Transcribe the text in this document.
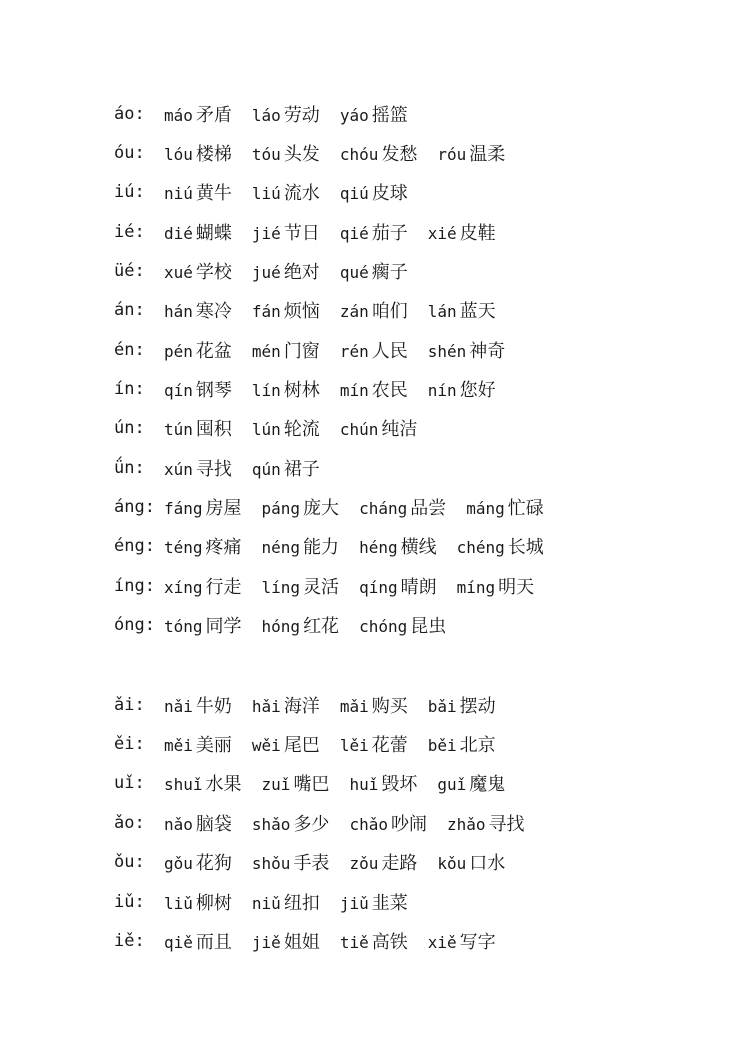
áo:	máo 矛盾 láo 劳动 yáo 摇篮
óu:	lóu 楼梯 tóu 头发 chóu 发愁 róu 温柔
iú:	niú 黄牛 liú 流水 qiú 皮球
ié:	dié 蝴蝶 jié 节日 qié 茄子 xié 皮鞋
üé:	xué 学校 jué 绝对 qué 瘸子
án:	hán 寒冷 fán 烦恼 zán 咱们 lán 蓝天
én:	pén 花盆 mén 门窗 rén 人民 shén 神奇
ín:	qín 钢琴 lín 树林 mín 农民 nín 您好
ún:	tún 囤积 lún 轮流 chún 纯洁
ǘn:	xún 寻找 qún 裙子
áng: fáng 房屋 páng 庞大 cháng 品尝 máng 忙碌
éng: téng 疼痛 néng 能力 héng 横线 chéng 长城
íng: xíng 行走 líng 灵活 qíng 晴朗 míng 明天
óng: tóng 同学 hóng 红花 chóng 昆虫
ǎi:	nǎi 牛奶 hǎi 海洋 mǎi 购买 bǎi 摆动
ěi:	měi 美丽 wěi 尾巴 lěi 花蕾 běi 北京
uǐ:	shuǐ 水果 zuǐ 嘴巴 huǐ 毁坏 guǐ 魔鬼
ǎo:	nǎo 脑袋 shǎo 多少 chǎo 吵闹 zhǎo 寻找
ǒu:	gǒu 花狗 shǒu 手表 zǒu 走路 kǒu 口水
iǔ:	liǔ 柳树 niǔ 纽扣 jiǔ 韭菜
iě:	qiě 而且 jiě 姐姐 tiě 高铁 xiě 写字
